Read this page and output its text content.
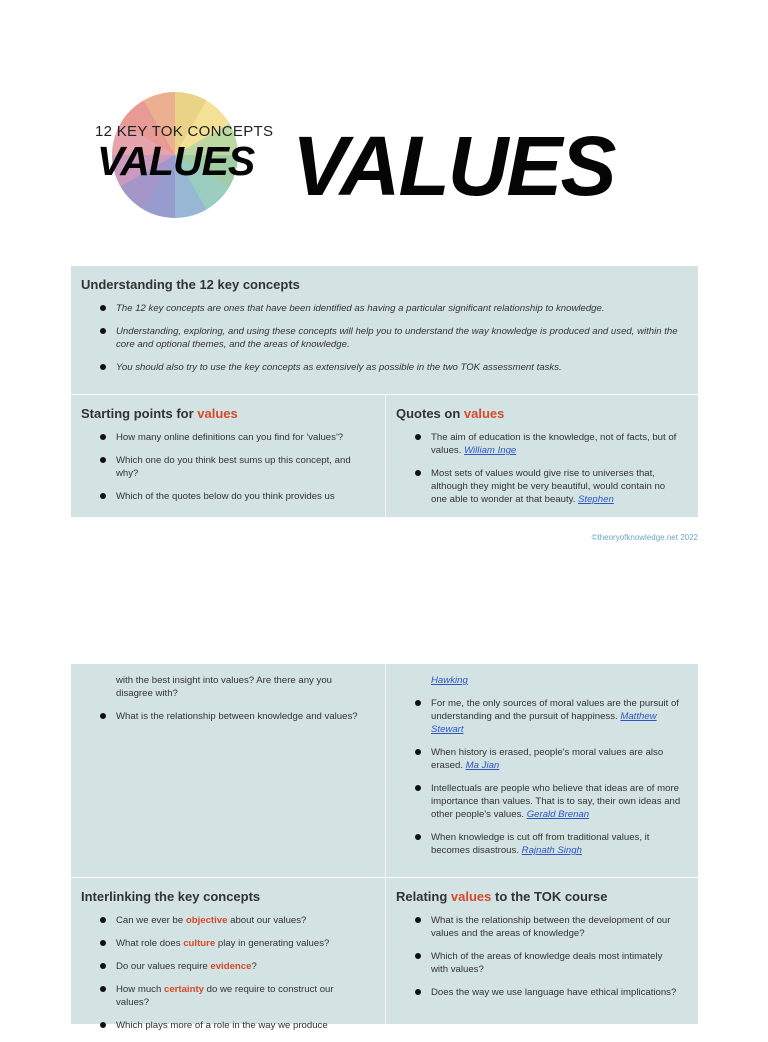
12 KEY TOK CONCEPTS
VALUES VALUES
Understanding the 12 key concepts
The 12 key concepts are ones that have been identified as having a particular significant relationship to knowledge.
Understanding, exploring, and using these concepts will help you to understand the way knowledge is produced and used, within the core and optional themes, and the areas of knowledge.
You should also try to use the key concepts as extensively as possible in the two TOK assessment tasks.
Starting points for values
How many online definitions can you find for 'values'?
Which one do you think best sums up this concept, and why?
Which of the quotes below do you think provides us
Quotes on values
The aim of education is the knowledge, not of facts, but of values. William Inge
Most sets of values would give rise to universes that, although they might be very beautiful, would contain no one able to wonder at that beauty. Stephen
©theoryofknowledge.net 2022
with the best insight into values? Are there any you disagree with?
What is the relationship between knowledge and values?
Hawking
For me, the only sources of moral values are the pursuit of understanding and the pursuit of happiness. Matthew Stewart
When history is erased, people's moral values are also erased. Ma Jian
Intellectuals are people who believe that ideas are of more importance than values. That is to say, their own ideas and other people's values. Gerald Brenan
When knowledge is cut off from traditional values, it becomes disastrous. Rajnath Singh
Interlinking the key concepts
Can we ever be objective about our values?
What role does culture play in generating values?
Do our values require evidence?
How much certainty do we require to construct our values?
Which plays more of a role in the way we produce
Relating values to the TOK course
What is the relationship between the development of our values and the areas of knowledge?
Which of the areas of knowledge deals most intimately with values?
Does the way we use language have ethical implications?
